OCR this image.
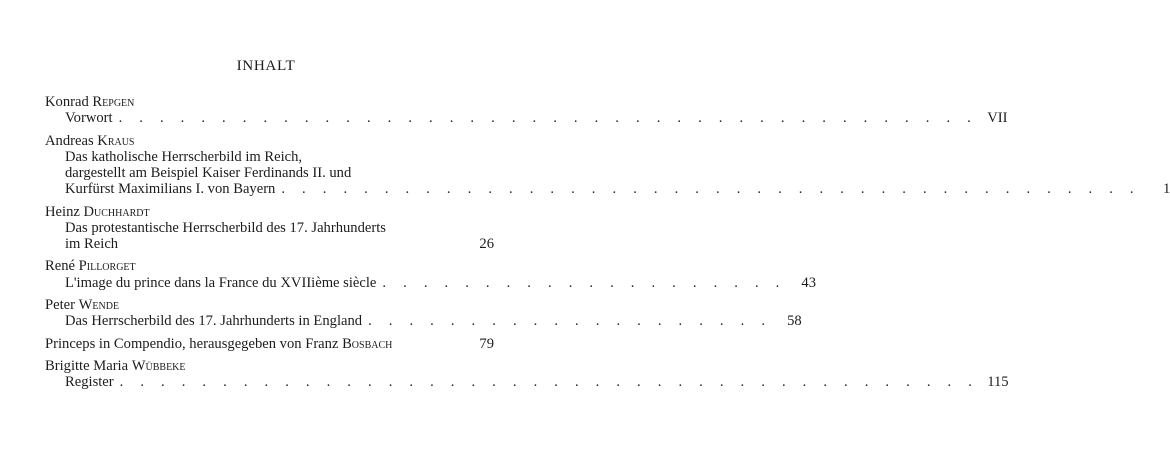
INHALT
Konrad Repgen
Vorwort . . . . . . . . . . . . . . . . . . . . . . . . . . . . . . . . . . . . . . . . . . VII
Andreas Kraus
Das katholische Herrscherbild im Reich,
dargestellt am Beispiel Kaiser Ferdinands II. und
Kurfürst Maximilians I. von Bayern . . . . . . . . . . . . . . . . . . . . . . . . . . . . . . . . . . . . . . . . . .	1
Heinz Duchhardt
Das protestantische Herrscherbild des 17. Jahrhunderts
im Reich	26
René Pillorget
L'image du prince dans la France du XVIIième siècle . . . . . . . . . . . . . . . . . . . .	43
Peter Wende
Das Herrscherbild des 17. Jahrhunderts in England . . . . . . . . . . . . . . . . . . . .	58
Princeps in Compendio, herausgegeben von Franz Bosbach	79
Brigitte Maria Wübbeke
Register . . . . . . . . . . . . . . . . . . . . . . . . . . . . . . . . . . . . . . . . . . 115
